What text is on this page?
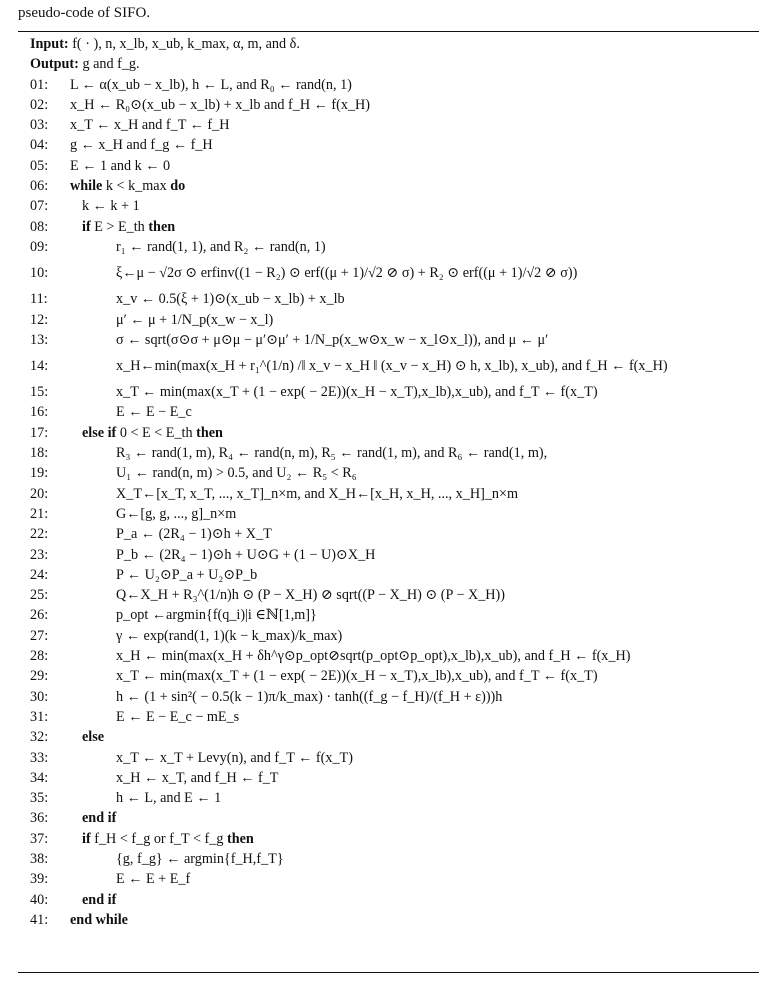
pseudo-code of SIFO.
Input: f( · ), n, x_lb, x_ub, k_max, α, m, and δ.
Output: g and f_g.
01:	L ← α(x_ub − x_lb), h ← L, and R₀ ← rand(n, 1)
02:	x_H ← R₀⊙(x_ub − x_lb) + x_lb and f_H ← f(x_H)
03:	x_T ← x_H and f_T ← f_H
04:	g ← x_H and f_g ← f_H
05:	E ← 1 and k ← 0
06:	while k < k_max do
07:	k ← k + 1
08:	if E > E_th then
09:	r₁ ← rand(1, 1), and R₂ ← rand(n, 1)
10:	ξ←μ − √2σ ⊙ erfinv((1 − R₂) ⊙ erf((μ + 1)/√2 ⊘ σ) + R₂ ⊙ erf((μ + 1)/√2 ⊘ σ))
11:	x_v ← 0.5(ξ + 1)⊙(x_ub − x_lb) + x_lb
12:	μ′ ← μ + 1/N_p(x_w − x_l)
13:	σ ← sqrt(σ⊙σ + μ⊙μ − μ′⊙μ′ + 1/N_p(x_w⊙x_w − x_l⊙x_l)), and μ ← μ′
14:	x_H←min(max(x_H + r₁^(1/n) /‖ x_v − x_H ‖ (x_v − x_H) ⊙ h, x_lb), x_ub), and f_H ← f(x_H)
15:	x_T ← min(max(x_T + (1 − exp( − 2E))(x_H − x_T),x_lb),x_ub), and f_T ← f(x_T)
16:	E ← E − E_c
17:	else if 0 < E < E_th then
18:	R₃ ← rand(1, m), R₄ ← rand(n, m), R₅ ← rand(1, m), and R₆ ← rand(1, m),
19:	U₁ ← rand(n, m) > 0.5, and U₂ ← R₅ < R₆
20:	X_T←[x_T, x_T, ..., x_T]_n×m, and X_H←[x_H, x_H, ..., x_H]_n×m
21:	G←[g, g, ..., g]_n×m
22:	P_a ← (2R₄ − 1)⊙h + X_T
23:	P_b ← (2R₄ − 1)⊙h + U⊙G + (1 − U)⊙X_H
24:	P ← U₂⊙P_a + U₂⊙P_b
25:	Q←X_H + R₃^(1/n)h ⊙ (P − X_H) ⊘ sqrt((P − X_H) ⊙ (P − X_H))
26:	p_opt ←argmin{f(q_i)|i ∈ℕ[1,m]}
27:	γ ← exp(rand(1, 1)(k − k_max)/k_max)
28:	x_H ← min(max(x_H + δh^γ⊙p_opt⊘sqrt(p_opt⊙p_opt),x_lb),x_ub), and f_H ← f(x_H)
29:	x_T ← min(max(x_T + (1 − exp( − 2E))(x_H − x_T),x_lb),x_ub), and f_T ← f(x_T)
30:	h ← (1 + sin²( − 0.5(k − 1)π/k_max) · tanh((f_g − f_H)/(f_H + ε)))h
31:	E ← E − E_c − mE_s
32:	else
33:	x_T ← x_T + Levy(n), and f_T ← f(x_T)
34:	x_H ← x_T, and f_H ← f_T
35:	h ← L, and E ← 1
36:	end if
37:	if f_H < f_g or f_T < f_g then
38:	{g, f_g} ← argmin{f_H,f_T}
39:	E ← E + E_f
40:	end if
41:	end while
